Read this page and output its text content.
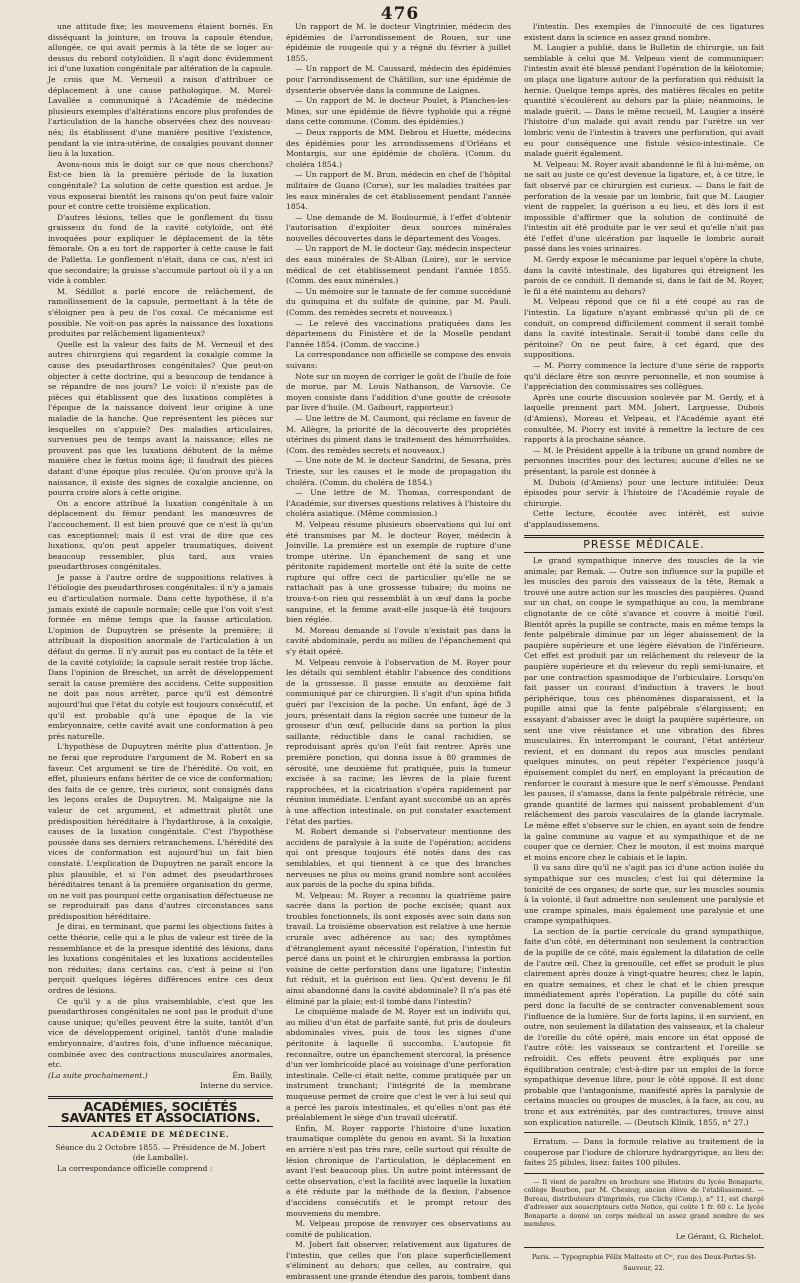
476

une attitude fixe; les mouvemens étaient bornés. En disséquant la jointure, on trouva la capsule étendue, allongée, ce qui avait permis à la tête de se loger au-dessus du rebord cotyloïdien. Il s'agit donc évidemment ici d'une luxation congénitale par altération de la capsule. Je crois que M. Verneuil a raison d'attribuer ce déplacement à une cause pathologique. M. Morel-Lavallée a communiqué à l'Académie de médecine plusieurs exemples d'altérations encore plus profondes de l'articulation de la hanche observées chez des nouveau-nés; ils établissent d'une manière positive l'existence, pendant la vie intra-utérine, de coxalgies pouvant donner lieu à la luxation.

Avons-nous mis le doigt sur ce que nous cherchons? Est-ce bien là la première période de la luxation congénitale? La solution de cette question est ardue. Je vous exposerai bientôt les raisons qu'on peut faire valoir pour et contre cette troisième explication.

D'autres lésions, telles que le gonflement du tissu graisseux du fond de la cavité cotyloïde, ont été invoquées pour expliquer le déplacement de la tête fémorale. On a eu tort de rapporter à cette cause le fait de Palletta. Le gonflement n'était, dans ce cas, n'est ici que secondaire; la graisse s'accumule partout où il y a un vide à combler.

M. Sédillot a parlé encore de relâchement, de ramollissement de la capsule, permettant à la tête de s'éloigner peu à peu de l'os coxal. Ce mécanisme est possible. Ne voit-on pas après la naissance des luxations produites par relâchement ligamenteux?

Quelle est la valeur des faits de M. Verneuil et des autres chirurgiens qui regardent la coxalgie comme la cause des pseudarthroses congénitales? Que peut-on objecter à cette doctrine, qui a beaucoup de tendance à se répandre de nos jours? Le voici: il n'existe pas de pièces qui établissent que des luxations complètes à l'époque de la naissance doivent leur origine à une maladie de la hanche. Que représentent les pièces sur lesquelles on s'appuie? Des maladies articulaires, survenues peu de temps avant la naissance; elles ne prouvent pas que les luxations débutent de la même manière chez le fœtus moins âgé; il faudrait des pièces datant d'une époque plus reculée. Qu'on prouve qu'à la naissance, il existe des signes de coxalgie ancienne, on pourra croire alors à cette origine.

On a encore attribué la luxation congénitale à un déplacement du fémur pendant les manœuvres de l'accouchement. Il est bien prouvé que ce n'est là qu'un cas exceptionnel; mais il est vrai de dire que ces luxations, qu'on peut appeler traumatiques, doivent beaucoup ressembler, plus tard, aux vraies pseudarthroses congénitales.

Je passe à l'autre ordre de suppositions relatives à l'étiologie des pseudarthroses congénitales: il n'y a jamais eu d'articulation normale. Dans cette hypothèse, il n'a jamais existé de capsule normale; celle que l'on voit s'est formée en même temps que la fausse articulation. L'opinion de Dupuytren se présente la première; il attribuait la disposition anormale de l'articulation à un défaut du germe. Il n'y aurait pas eu contact de la tête et de la cavité cotyloïde; la capsule serait restée trop lâche. Dans l'opinion de Breschet, un arrêt de développement serait la cause première des accidens. Cette supposition ne doit pas nous arrêter, parce qu'il est démontré aujourd'hui que l'état du cotyle est toujours consécutif, et qu'il est probable qu'à une époque de la vie embryonnaire, cette cavité avait une conformation à peu près naturelle.

L'hypothèse de Dupuytren mérite plus d'attention. Je ne ferai que reproduire l'argument de M. Robert en sa faveur. Cet argument se tire de l'hérédité. On voit, en effet, plusieurs enfans hériter de ce vice de conformation; des faits de ce genre, très curieux, sont consignés dans les leçons orales de Dupuytren. M. Malgaigne nie la valeur de cet argument, et admettrait plutôt une prédisposition héréditaire à l'hydarthrose, à la coxalgie, causes de la luxation congénitale. C'est l'hypothèse poussée dans ses derniers retranchemens. L'hérédité des vices de conformation est aujourd'hui un fait bien constaté. L'explication de Dupuytren ne paraît encore la plus plausible, et si l'on admet des pseudarthroses héréditaires tenant à la première organisation du germe, on ne voit pas pourquoi cette organisation défectueuse ne se reproduirait pas dans d'autres circonstances sans prédisposition héréditaire.

Je dirai, en terminant, que parmi les objections faites à cette théorie, celle qui a le plus de valeur est tirée de la ressemblance et de la presque identité des lésions, dans les luxations congénitales et les luxations accidentelles non réduites; dans certains cas, c'est à peine si l'on perçoit quelques légères différences entre ces deux ordres de lésions.

Ce qu'il y a de plus vraisemblable, c'est que les pseudarthroses congénitales ne sont pas le produit d'une cause unique; qu'elles peuvent être la suite, tantôt d'un vice de développement originel, tantôt d'une maladie embryonnaire, d'autres fois, d'une influence mécanique, combinée avec des contractions musculaires anormales, etc.

(La suite prochainement.)	Ém. Bailly,
Interne du service.
ACADÉMIES, SOCIÉTÉS SAVANTES ET ASSOCIATIONS.
ACADÉMIE DE MÉDECINE.

Séance du 2 Octobre 1855. — Présidence de M. Jobert (de Lamballe).

La correspondance officielle comprend :

Un rapport de M. le docteur Vingtrinier, médecin des épidémies de l'arrondissement de Rouen, sur une épidémie de rougeole qui y a régné du février à juillet 1855.

— Un rapport de M. Caussard, médecin des épidémies pour l'arrondissement de Châtillon, sur une épidémie de dysenterie observée dans la commune de Laignes.

— Un rapport de M. le docteur Poulet, à Planches-les-Mines, sur une épidémie de fièvre typhoïde qui a régné dans cette commune. (Comm. des épidémies.)

— Deux rapports de MM. Debrou et Huette, médecins des épidémies pour les arrondissemens d'Orléans et Montargis, sur une épidémie de choléra. (Comm. du choléra 1854.)

— Un rapport de M. Brun, médecin en chef de l'hôpital militaire de Guano (Corse), sur les maladies traitées par les eaux minérales de cet établissement pendant l'année 1854.

— Une demande de M. Boulourmié, à l'effet d'obtenir l'autorisation d'exploiter deux sources minérales nouvelles découvertes dans le département des Vosges.

— Un rapport de M. le docteur Gay, médecin inspecteur des eaux minérales de St-Alban (Loire), sur le service médical de cet établissement pendant l'année 1855. (Comm. des eaux minérales.)

— Un mémoire sur le tannate de fer comme succédané du quinquina et du sulfate de quinine, par M. Pauli. (Comm. des remèdes secrets et nouveaux.)

— Le relevé des vaccinations pratiquées dans les départemens du Finistère et de la Moselle pendant l'année 1854. (Comm. de vaccine.)

La correspondance non officielle se compose des envois suivans:

Note sur un moyen de corriger le goût de l'huile de foie de morue, par M. Louis Nathanson, de Varsovie. Ce moyen consiste dans l'addition d'une goutte de créosote par livre d'huile. (M. Gaibourt, rapporteur.)

— Une lettre de M. Caumont, qui réclame en faveur de M. Allègre, la priorité de la découverte des propriétés utérines du piment dans le traitement des hémorrhoïdes. (Com. des remèdes secrets et nouveaux.)

— Une note de M. le docteur Sandrini, de Sesana, près Trieste, sur les causes et le mode de propagation du choléra. (Comm. du choléra de 1854.)

— Une lettre de M. Thomas, correspondant de l'Académie, sur diverses questions relatives à l'histoire du choléra asiatique. (Même commission.)

M. Velpeau résume plusieurs observations qui lui ont été transmises par M. le docteur Royer, médecin à Joinville. La première est un exemple de rupture d'une trompe utérine. Un épanchement de sang et une péritonite rapidement mortelle ont été la suite de cette rupture qui offre ceci de particulier qu'elle ne se rattachait pas à une grossesse tubaire; du moins ne trouva-t-on rien qui ressemblât à un œuf dans la poche sanguine, et la femme avait-elle jusque-là été toujours bien réglée.

M. Moreau demande si l'ovule n'existait pas dans la cavité abdominale, perdu au milieu de l'épanchement qui s'y était opéré.

M. Velpeau renvoie à l'observation de M. Royer pour les détails qui semblent établir l'absence des conditions de la grossesse. Il passe ensuite au deuxième fait communiqué par ce chirurgien. Il s'agit d'un spina bifida guéri par l'excision de la poche. Un enfant, âgé de 3 jours, présentait dans la région sacrée une tumeur de la grosseur d'un œuf, pellucide dans sa portion la plus saillante, réductible dans le canal rachidien, se reproduisant après qu'on l'eût fait rentrer. Après une première ponction, qui donna issue à 80 grammes de sérosité, une deuxième fut pratiquée, puis la tumeur excisée à sa racine; les lèvres de la plaie furent rapprochées, et la cicatrisation s'opéra rapidement par réunion immédiate. L'enfant ayant succombé un an après à une affection intestinale, on put constater exactement l'état des parties.

M. Robert demande si l'observateur mentionne des accidens de paralysie à la suite de l'opération; accidens qui ont presque toujours été notés dans des cas semblables, et qui tiennent à ce que des branches nerveuses ne plus ou moins grand nombre sont accolées aux parois de la poche du spina bifida.

M. Velpeau: M. Royer a reconnu la quatrième paire sacrée dans la portion de poche excisée; quant aux troubles fonctionnels, ils sont exposés avec soin dans son travail. La troisième observation est relative à une hernie crurale avec adhérence au sac; des symptômes d'étranglement ayant nécessité l'opération, l'intestin fut percé dans un point et le chirurgien embrassa la portion voisine de cette perforation dans une ligature; l'intestin fut réduit, et la guérison eut lieu. Qu'est devenu le fil ainsi abandonné dans la cavité abdominale? Il n'a pas été éliminé par la plaie; est-il tombé dans l'intestin?

Le cinquième malade de M. Royer est un individu qui, au milieu d'un état de parfaite santé, fut pris de douleurs abdominales vives, puis de tous les signes d'une péritonite à laquelle il succomba. L'autopsie fit reconnaître, outre un épanchement stercoral, la présence d'un ver lombricoïde placé au voisinage d'une perforation intestinale. Celle-ci était nette, comme pratiquée par un instrument tranchant; l'intégrité de la membrane muqueuse permet de croire que c'est le ver à lui seul qui a percé les parois intestinales, et qu'elles n'ont pas été préalablement le siège d'un travail ulcératif.

Enfin, M. Royer rapporte l'histoire d'une luxation traumatique complète du genou en avant. Si la luxation en arrière n'est pas très rare, celle surtout qui résulte de lésion chronique de l'articulation, le déplacement en avant l'est beaucoup plus. Un autre point intéressant de cette observation, c'est la facilité avec laquelle la luxation a été réduite par la méthode de la flexion, l'absence d'accidens consécutifs et le prompt retour des mouvemens du membre.

M. Velpeau propose de renvoyer ces observations au comité de publication.

M. Jobert fait observer, relativement aux ligatures de l'intestin, que celles que l'on place superficiellement s'éliminent au dehors; que celles, au contraire, qui embrassent une grande étendue des parois, tombent dans

l'intestin. Des exemples de l'innocuité de ces ligatures existent dans la science en assez grand nombre.

M. Laugier a publié, dans le Bulletin de chirurgie, un fait semblable à celui que M. Velpeau vient de communiquer: l'intestin avait été blessé pendant l'opération de la kélotomie; on plaça une ligature autour de la perforation qui réduisit la hernie. Quelque temps après, des matières fécales en petite quantité s'écoulèrent au dehors par la plaie; néanmoins, le malade guérit. — Dans le même recueil, M. Laugier a inséré l'histoire d'un malade qui avait rendu par l'urètre un ver lombric venu de l'intestin à travers une perforation, qui avait eu pour conséquence une fistule vésico-intestinale. Ce malade guérit également.

M. Velpeau: M. Royer avait abandonné le fil à lui-même, on ne sait au juste ce qu'est devenue la ligature, et, à ce titre, le fait observé par ce chirurgien est curieux. — Dans le fait de perforation de la vessie par un lombric, fait que M. Laugier vient de rappeler, la guérison a eu lieu, et dès lors il est impossible d'affirmer que la solution de continuité de l'intestin ait été produite par le ver seul et qu'elle n'ait pas été l'effet d'une ulcération par laquelle le lombric aurait passé dans les voies urinaires.

M. Gerdy expose le mécanisme par lequel s'opère la chute, dans la cavité intestinale, des ligatures qui étreignent les parois de ce conduit. Il demande si, dans le fait de M. Royer, le fil a été maintenu au dehors?

M. Velpeau répond que ce fil a été coupé au ras de l'intestin. La ligature n'ayant embrassé qu'un pli de ce conduit, on comprend difficilement comment il serait tombé dans la cavité intestinale. Serait-il tombé dans celle du péritoine? On ne peut faire, à cet égard, que des suppositions.

— M. Piorry commence la lecture d'une série de rapports qu'il déclare être son œuvre personnelle, et non soumise à l'appréciation des commissaires ses collègues.

Après une courte discussion soulevée par M. Gerdy, et à laquelle prennent part MM. Jobert, Larguesse, Dubois (d'Amiens), Moreau et Velpeau, et l'Académie ayant été consultée, M. Piorry est invité à remettre la lecture de ces rapports à la prochaine séance.

— M. le Président appelle à la tribune un grand nombre de personnes inscrites pour des lectures; aucune d'elles ne se présentant, la parole est donnée à

M. Dubois (d'Amiens) pour une lecture intitulée: Deux épisodes pour servir à l'histoire de l'Académie royale de chirurgie.

Cette lecture, écoutée avec intérêt, est suivie d'applaudissemens.

PRESSE MÉDICALE.

Le grand sympathique innerve des muscles de la vie animale; par Remak. — Outre son influence sur la pupille et les muscles des parois des vaisseaux de la tête, Remak a trouvé une autre action sur les muscles des paupières. Quand sur un chat, on coupe le sympathique au cou, la membrane clignotante de ce côté s'avance et couvre à moitié l'œil. Bientôt après la pupille se contracte, mais en même temps la fente palpébrale diminue par un léger abaissement de la paupière supérieure et une légère élévation de l'inférieure. Cet effet est produit par un relâchement du releveur de la paupière supérieure et du releveur du repli semi-lunaire, et par une contraction spasmodique de l'orbiculaire. Lorsqu'on fait passer un courant d'induction à travers le bout périphérique, tous ces phénomènes disparaissent, et la pupille ainsi que la fente palpébrale s'élargissent; en essayant d'abaisser avec le doigt la paupière supérieure, on sent une vive résistance et une vibration des fibres musculaires. En interrompant le courant, l'état antérieur revient, et en donnant du repos aux muscles pendant quelques minutes, on peut répéter l'expérience jusqu'à épuisement complet du nerf, en employant la précaution de renforcer le courant à mesure que le nerf s'émousse. Pendant les pauses, il s'amasse, dans la fente palpébrale rétrécie, une grande quantité de larmes qui naissent probablement d'un relâchement des parois vasculaires de la glande lacrymale. Le même effet s'observe sur le chien, en ayant soin de fendre la gaîne commune au vague et au sympathique et de ne couper que ce dernier. Chez le mouton, il est moins marqué et moins encore chez le cabiais et le lapin.

Il va sans dire qu'il ne s'agit pas ici d'une action isolée du sympathique sur ces muscles; c'est lui qui détermine la tonicité de ces organes; de sorte que, sur les muscles soumis à la volonté, il faut admettre non seulement une paralysie et une crampe spinales, mais également une paralysie et une crampe sympathiques.

La section de la partie cervicale du grand sympathique, faite d'un côté, en déterminant non seulement la contraction de la pupille de ce côté, mais également la dilatation de celle de l'autre œil. Chez la grenouille, cet effet se produit le plus clairement après douze à vingt-quatre heures; chez le lapin, en quatre semaines, et chez le chat et le chien presque immédiatement après l'opération. La pupille du côté sain perd donc la faculté de se contracter convenablement sous l'influence de la lumière. Sur de forts lapins, il en survient, en outre, non seulement la dilatation des vaisseaux, et la chaleur de l'oreille du côté opéré, mais encore un état opposé de l'autre côté: les vaisseaux se contractent et l'oreille se refroidit. Ces effets peuvent être expliqués par une équilibration centrale; c'est-à-dire par un emploi de la force sympathique devenue libre, pour le côté opposé. Il est donc probable que l'antagonisme, manifesté après la paralysie de certains muscles ou groupes de muscles, à la face, au cou, au tronc et aux extrémités, par des contractures, trouve ainsi son explication naturelle. — (Deutsch Klinik, 1855, n° 27.)

Erratum. — Dans la formule relative au traitement de la couperose par l'iodure de chlorure hydrargyrique, au lieu de: faites 25 pilules, lisez: faites 100 pilules.

— Il vient de paraître en brochure une Histoire du lycée Bonaparte, collège Bourbon, par M. Chesnuy, ancien élève de l'établissement. — Bureau, distributeurs d'imprimés, rue Clichy (Comp.), n° 11, est chargé d'adresser aux souscripteurs cette Notice, qui coûte 1 fr. 60 c. Le lycée Bonaparte a donné un corps médical un assez grand nombre de ses membres.

Le Gérant, G. Richelot.
Paris. — Typographie Félix Malteste et Cⁱᵉ, rue des Deux-Portes-St-Sauveur, 22.
